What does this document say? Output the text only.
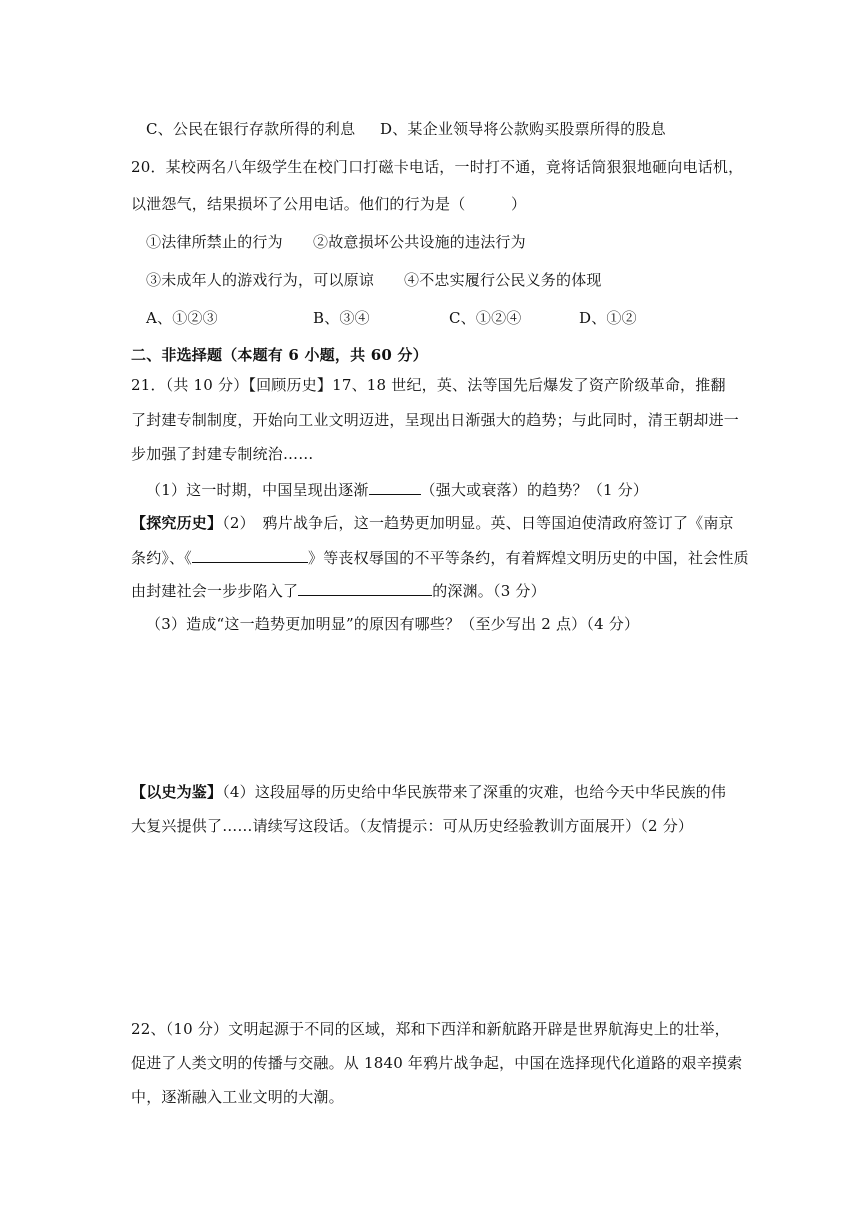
C、公民在银行存款所得的利息 D、某企业领导将公款购买股票所得的股息
20．某校两名八年级学生在校门口打磁卡电话，一时打不通，竟将话筒狠狠地砸向电话机，
以泄怨气，结果损坏了公用电话。他们的行为是（　　　）
①法律所禁止的行为 ②故意损坏公共设施的违法行为
③未成年人的游戏行为，可以原谅 ④不忠实履行公民义务的体现
A、①②③	B、③④	C、①②④	D、①②
二、非选择题（本题有 6 小题，共 60 分）
21．（共 10 分）【回顾历史】17、18 世纪，英、法等国先后爆发了资产阶级革命，推翻
了封建专制制度，开始向工业文明迈进，呈现出日渐强大的趋势；与此同时，清王朝却进一
步加强了封建专制统治……
（1）这一时期，中国呈现出逐渐	（强大或衰落）的趋势？（1 分）
【探究历史】（2）　鸦片战争后，这一趋势更加明显。英、日等国迫使清政府签订了《南京
条约》、《	》等丧权辱国的不平等条约，有着辉煌文明历史的中国，社会性质
由封建社会一步步陷入了	的深渊。（3 分）
（3）造成“这一趋势更加明显”的原因有哪些？（至少写出 2 点）（4 分）
【以史为鉴】（4）这段屈辱的历史给中华民族带来了深重的灾难，也给今天中华民族的伟
大复兴提供了……请续写这段话。（友情提示：可从历史经验教训方面展开）（2 分）
22、（10 分）文明起源于不同的区域，郑和下西洋和新航路开辟是世界航海史上的壮举，
促进了人类文明的传播与交融。从 1840 年鸦片战争起，中国在选择现代化道路的艰辛摸索
中，逐渐融入工业文明的大潮。
